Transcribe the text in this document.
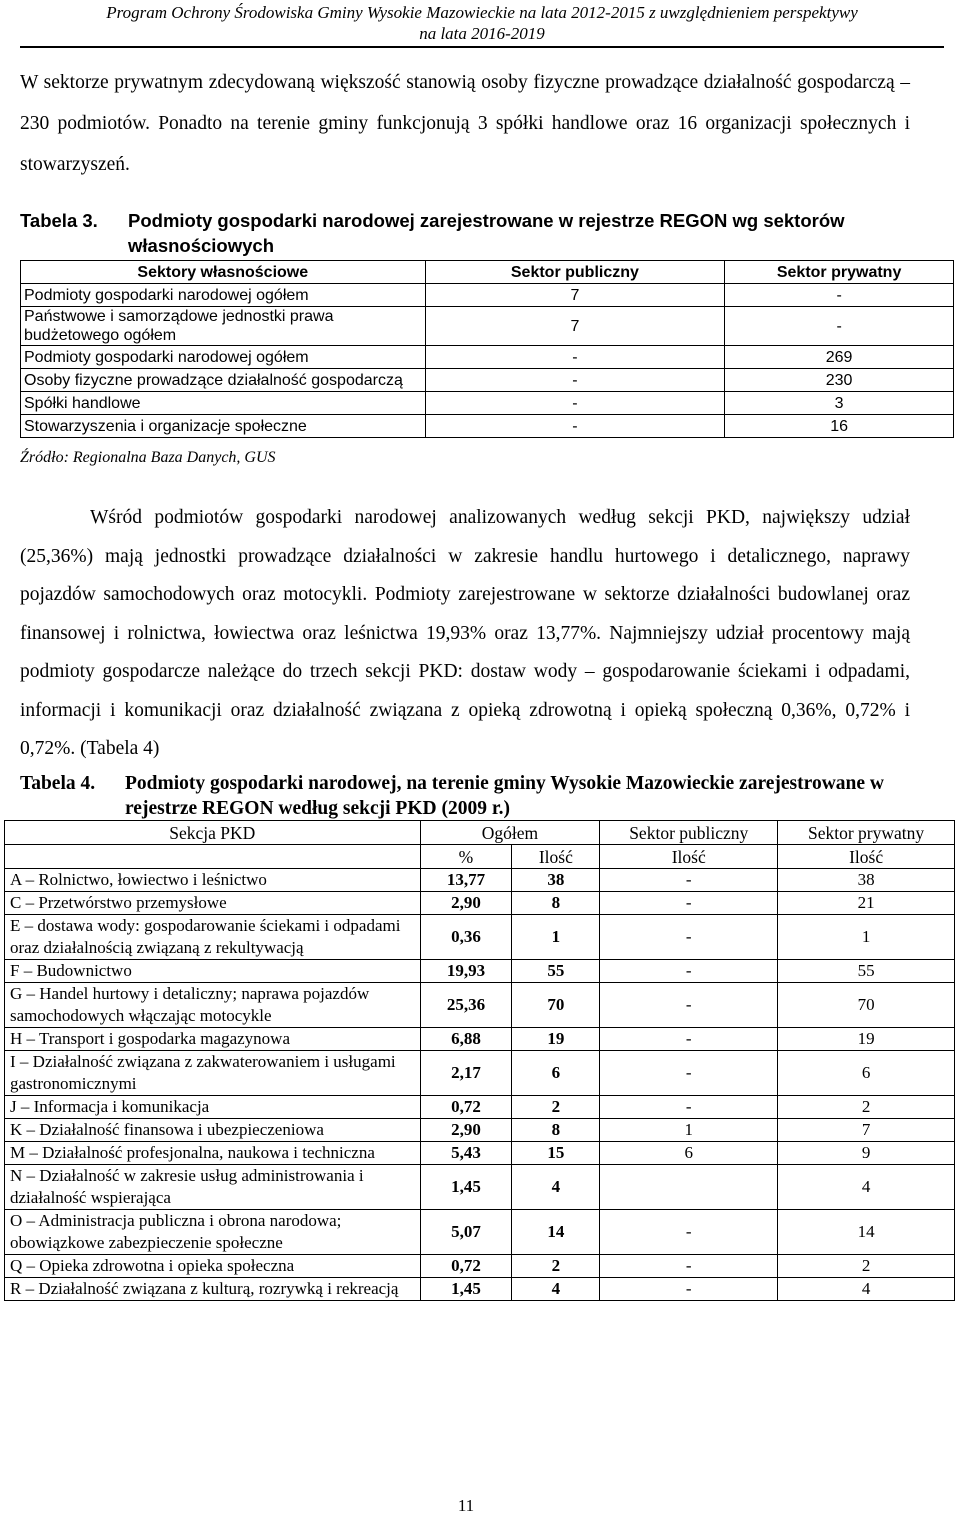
Program Ochrony Środowiska Gminy Wysokie Mazowieckie na lata 2012-2015 z uwzględnieniem perspektywy
na lata 2016-2019
W sektorze prywatnym zdecydowaną większość stanowią osoby fizyczne prowadzące działalność gospodarczą – 230 podmiotów. Ponadto na terenie gminy funkcjonują 3 spółki handlowe oraz 16 organizacji społecznych i stowarzyszeń.
Tabela 3.	Podmioty gospodarki narodowej zarejestrowane w rejestrze REGON wg sektorów własnościowych
Sektory własnościowe	Sektor publiczny	Sektor prywatny
Podmioty gospodarki narodowej ogółem	7	-
Państwowe i samorządowe jednostki prawa budżetowego ogółem	7	-
Podmioty gospodarki narodowej ogółem	-	269
Osoby fizyczne prowadzące działalność gospodarczą	-	230
Spółki handlowe	-	3
Stowarzyszenia i organizacje społeczne	-	16
Źródło: Regionalna Baza Danych, GUS
Wśród podmiotów gospodarki narodowej analizowanych według sekcji PKD, największy udział (25,36%) mają jednostki prowadzące działalności w zakresie handlu hurtowego i detalicznego, naprawy pojazdów samochodowych oraz motocykli. Podmioty zarejestrowane w sektorze działalności budowlanej oraz finansowej i rolnictwa, łowiectwa oraz leśnictwa 19,93% oraz 13,77%. Najmniejszy udział procentowy mają podmioty gospodarcze należące do trzech sekcji PKD: dostaw wody – gospodarowanie ściekami i odpadami, informacji i komunikacji oraz działalność związana z opieką zdrowotną i opieką społeczną 0,36%, 0,72% i 0,72%. (Tabela 4)
Tabela 4.	Podmioty gospodarki narodowej, na terenie gminy Wysokie Mazowieckie zarejestrowane w rejestrze REGON według sekcji PKD (2009 r.)
Sekcja PKD	Ogółem		Sektor publiczny	Sektor prywatny
	%	Ilość	Ilość	Ilość
A – Rolnictwo, łowiectwo i leśnictwo	13,77	38	-	38
C – Przetwórstwo przemysłowe	2,90	8	-	21
E – dostawa wody: gospodarowanie ściekami i odpadami oraz działalnością związaną z rekultywacją	0,36	1	-	1
F – Budownictwo	19,93	55	-	55
G – Handel hurtowy i detaliczny; naprawa pojazdów samochodowych włączając motocykle	25,36	70	-	70
H – Transport i gospodarka magazynowa	6,88	19	-	19
I – Działalność związana z zakwaterowaniem i usługami gastronomicznymi	2,17	6	-	6
J – Informacja i komunikacja	0,72	2	-	2
K – Działalność finansowa i ubezpieczeniowa	2,90	8	1	7
M – Działalność profesjonalna, naukowa i techniczna	5,43	15	6	9
N – Działalność w zakresie usług administrowania i działalność wspierająca	1,45	4		4
O – Administracja publiczna i obrona narodowa; obowiązkowe zabezpieczenie społeczne	5,07	14	-	14
Q – Opieka zdrowotna i opieka społeczna	0,72	2	-	2
R – Działalność związana z kulturą, rozrywką i rekreacją	1,45	4	-	4
11
